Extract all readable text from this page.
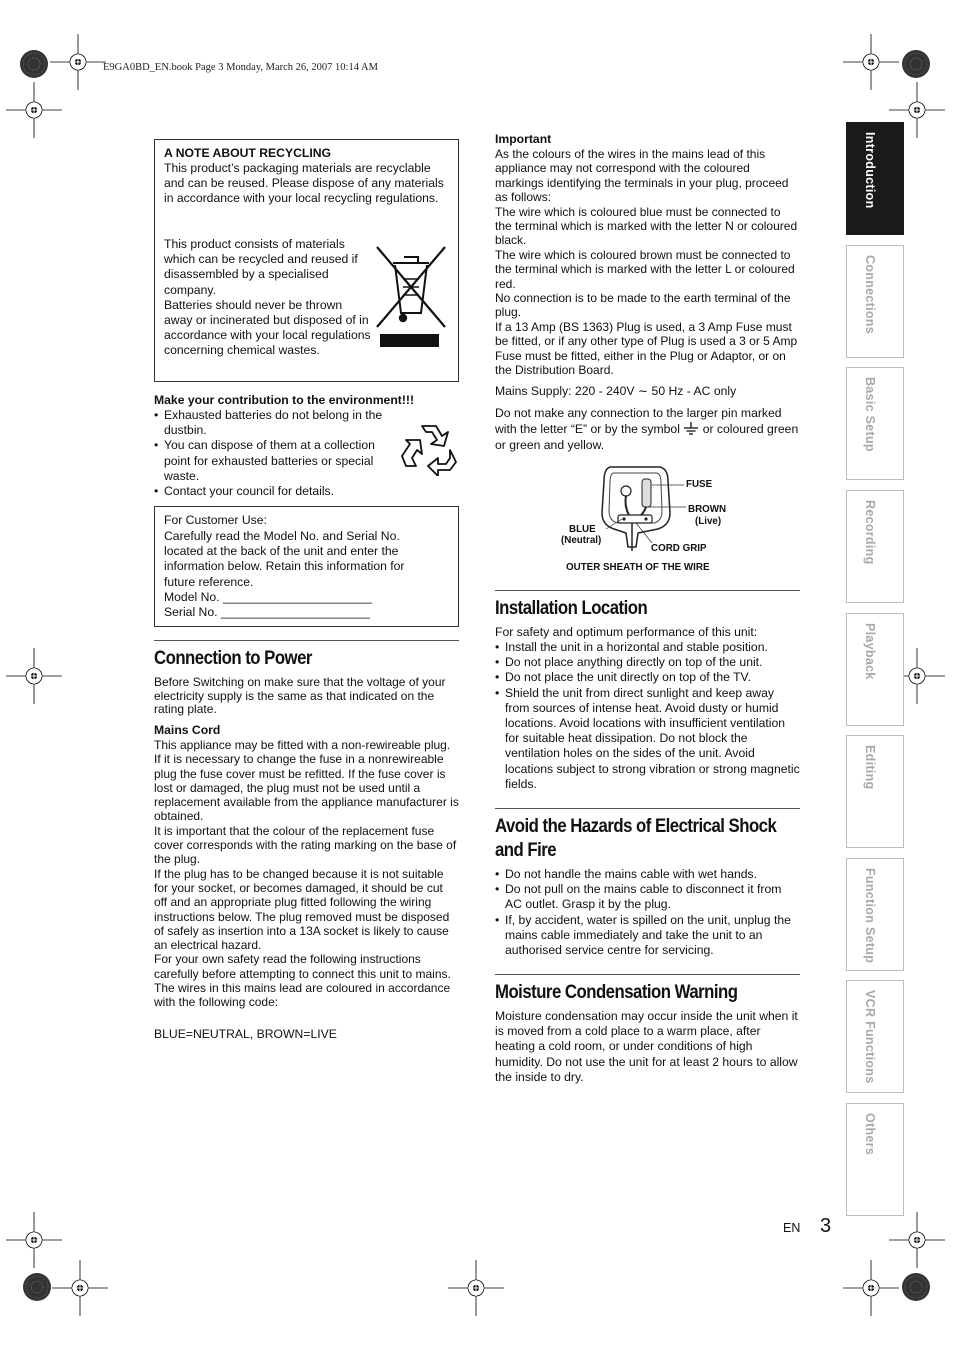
E9GA0BD_EN.book Page 3 Monday, March 26, 2007 10:14 AM
A NOTE ABOUT RECYCLING

This product’s packaging materials are recyclable and can be reused. Please dispose of any materials in accordance with your local recycling regulations.

This product consists of materials which can be recycled and reused if disassembled by a specialised company.
Batteries should never be thrown away or incinerated but disposed of in accordance with your local regulations concerning chemical wastes.

Make your contribution to the environment!!!
• Exhausted batteries do not belong in the dustbin.
• You can dispose of them at a collection point for exhausted batteries or special waste.
• Contact your council for details.
For Customer Use:

Carefully read the Model No. and Serial No. located at the back of the unit and enter the information below. Retain this information for future reference.

Model No. ______________________
Serial No. ______________________
Connection to Power

Before Switching on make sure that the voltage of your electricity supply is the same as that indicated on the rating plate.

Mains Cord

This appliance may be fitted with a non-rewireable plug. If it is necessary to change the fuse in a nonrewireable plug the fuse cover must be refitted. If the fuse cover is lost or damaged, the plug must not be used until a replacement available from the appliance manufacturer is obtained.
It is important that the colour of the replacement fuse cover corresponds with the rating marking on the base of the plug.
If the plug has to be changed because it is not suitable for your socket, or becomes damaged, it should be cut off and an appropriate plug fitted following the wiring instructions below. The plug removed must be disposed of safely as insertion into a 13A socket is likely to cause an electrical hazard.
For your own safety read the following instructions carefully before attempting to connect this unit to mains.
The wires in this mains lead are coloured in accordance with the following code:

BLUE=NEUTRAL, BROWN=LIVE
Important

As the colours of the wires in the mains lead of this appliance may not correspond with the coloured markings identifying the terminals in your plug, proceed as follows:
The wire which is coloured blue must be connected to the terminal which is marked with the letter N or coloured black.
The wire which is coloured brown must be connected to the terminal which is marked with the letter L or coloured red.
No connection is to be made to the earth terminal of the plug.
If a 13 Amp (BS 1363) Plug is used, a 3 Amp Fuse must be fitted, or if any other type of Plug is used a 3 or 5 Amp Fuse must be fitted, either in the Plug or Adaptor, or on the Distribution Board.

Mains Supply: 220 - 240V ∼ 50 Hz - AC only

Do not make any connection to the larger pin marked with the letter “E” or by the symbol or coloured green or green and yellow.

FUSE
BROWN
(Live)
BLUE
(Neutral)
CORD GRIP
OUTER SHEATH OF THE WIRE
Installation Location
For safety and optimum performance of this unit:
• Install the unit in a horizontal and stable position.
• Do not place anything directly on top of the unit.
• Do not place the unit directly on top of the TV.
• Shield the unit from direct sunlight and keep away from sources of intense heat. Avoid dusty or humid locations. Avoid locations with insufficient ventilation for suitable heat dissipation. Do not block the ventilation holes on the sides of the unit. Avoid locations subject to strong vibration or strong magnetic fields.
Avoid the Hazards of Electrical Shock
and Fire
• Do not handle the mains cable with wet hands.
• Do not pull on the mains cable to disconnect it from AC outlet. Grasp it by the plug.
• If, by accident, water is spilled on the unit, unplug the mains cable immediately and take the unit to an authorised service centre for servicing.
Moisture Condensation Warning

Moisture condensation may occur inside the unit when it is moved from a cold place to a warm place, after heating a cold room, or under conditions of high humidity. Do not use the unit for at least 2 hours to allow the inside to dry.

Introduction
Connections
Basic Setup
Recording
Playback
Editing
Function Setup
VCR Functions
Others
EN 3
